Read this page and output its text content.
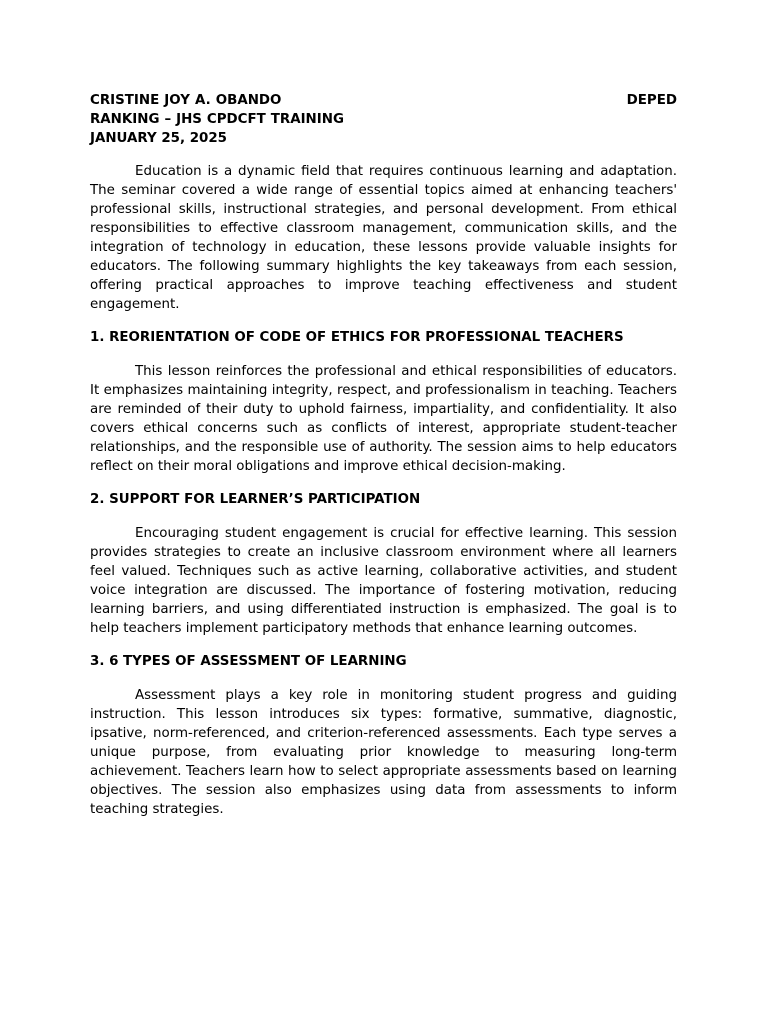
CRISTINE JOY A. OBANDO	DEPED RANKING – JHS CPDCFT TRAINING                                                                    JANUARY 25, 2025

Education is a dynamic field that requires continuous learning and adaptation. The seminar covered a wide range of essential topics aimed at enhancing teachers' professional skills, instructional strategies, and personal development. From ethical responsibilities to effective classroom management, communication skills, and the integration of technology in education, these lessons provide valuable insights for educators. The following summary highlights the key takeaways from each session, offering practical approaches to improve teaching effectiveness and student engagement.

1. REORIENTATION OF CODE OF ETHICS FOR PROFESSIONAL TEACHERS

This lesson reinforces the professional and ethical responsibilities of educators. It emphasizes maintaining integrity, respect, and professionalism in teaching. Teachers are reminded of their duty to uphold fairness, impartiality, and confidentiality. It also covers ethical concerns such as conflicts of interest, appropriate student-teacher relationships, and the responsible use of authority. The session aims to help educators reflect on their moral obligations and improve ethical decision-making.

2. SUPPORT FOR LEARNER’S PARTICIPATION

Encouraging student engagement is crucial for effective learning. This session provides strategies to create an inclusive classroom environment where all learners feel valued. Techniques such as active learning, collaborative activities, and student voice integration are discussed. The importance of fostering motivation, reducing learning barriers, and using differentiated instruction is emphasized. The goal is to help teachers implement participatory methods that enhance learning outcomes.

3. 6 TYPES OF ASSESSMENT OF LEARNING

Assessment plays a key role in monitoring student progress and guiding instruction. This lesson introduces six types: formative, summative, diagnostic, ipsative, norm-referenced, and criterion-referenced assessments. Each type serves a unique purpose, from evaluating prior knowledge to measuring long-term achievement. Teachers learn how to select appropriate assessments based on learning objectives. The session also emphasizes using data from assessments to inform teaching strategies.
